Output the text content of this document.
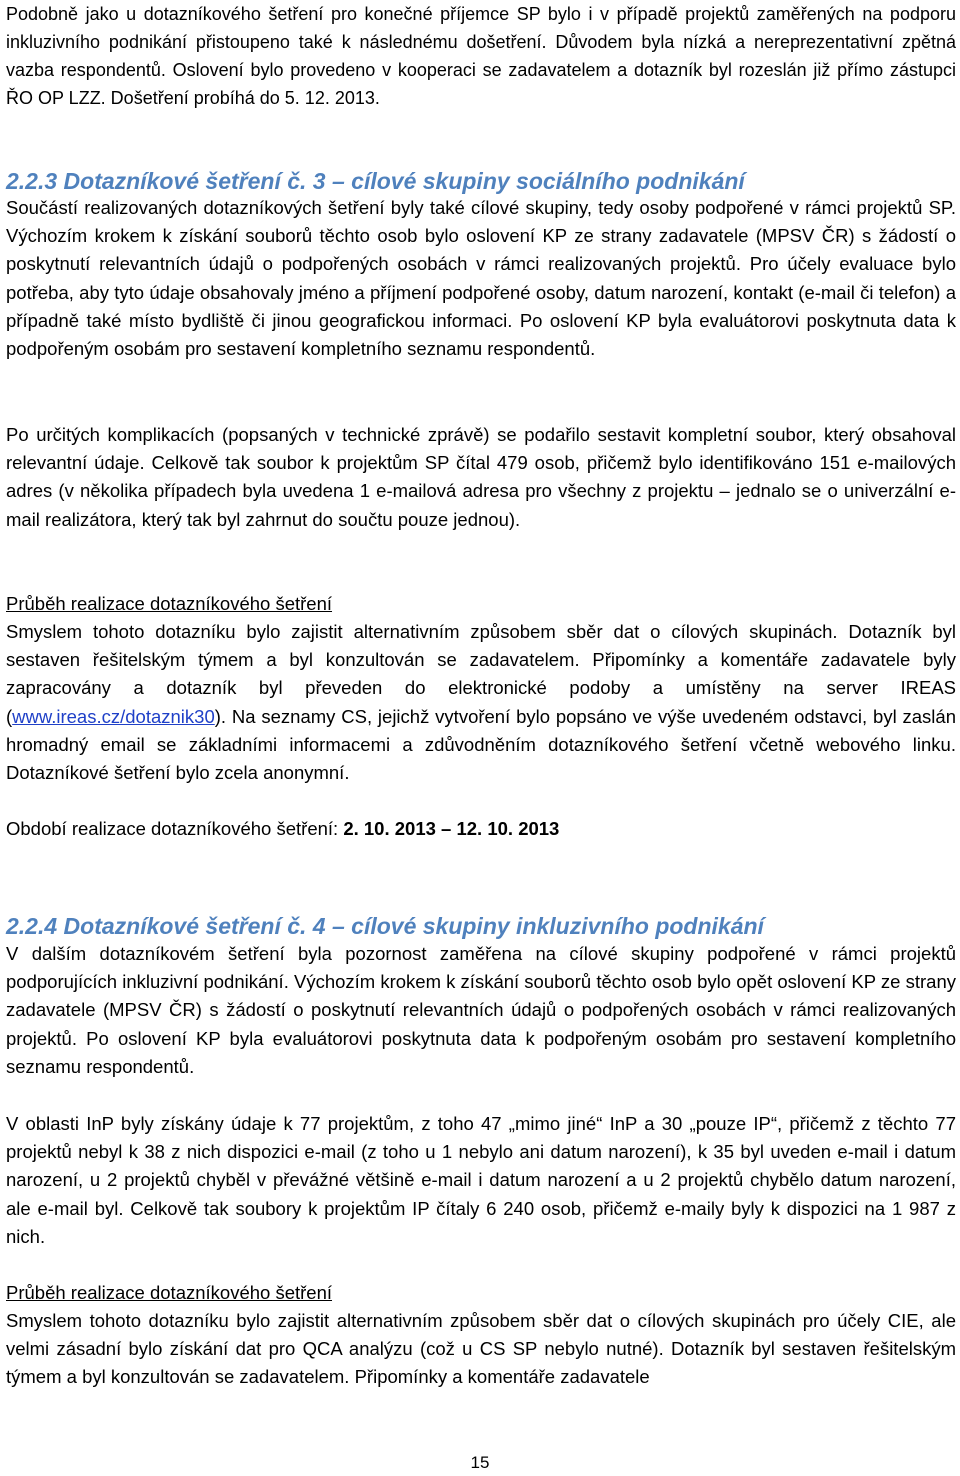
Podobně jako u dotazníkového šetření pro konečné příjemce SP bylo i v případě projektů zaměřených na podporu inkluzivního podnikání přistoupeno také k následnému došetření. Důvodem byla nízká a nereprezentativní zpětná vazba respondentů. Oslovení bylo provedeno v kooperaci se zadavatelem a dotazník byl rozeslán již přímo zástupci ŘO OP LZZ. Došetření probíhá do 5. 12. 2013.

2.2.3 Dotazníkové šetření č. 3 – cílové skupiny sociálního podnikání

Součástí realizovaných dotazníkových šetření byly také cílové skupiny, tedy osoby podpořené v rámci projektů SP. Výchozím krokem k získání souborů těchto osob bylo oslovení KP ze strany zadavatele (MPSV ČR) s žádostí o poskytnutí relevantních údajů o podpořených osobách v rámci realizovaných projektů. Pro účely evaluace bylo potřeba, aby tyto údaje obsahovaly jméno a příjmení podpořené osoby, datum narození, kontakt (e-mail či telefon) a případně také místo bydliště či jinou geografickou informaci. Po oslovení KP byla evaluátorovi poskytnuta data k podpořeným osobám pro sestavení kompletního seznamu respondentů.

Po určitých komplikacích (popsaných v technické zprávě) se podařilo sestavit kompletní soubor, který obsahoval relevantní údaje. Celkově tak soubor k projektům SP čítal 479 osob, přičemž bylo identifikováno 151 e-mailových adres (v několika případech byla uvedena 1 e-mailová adresa pro všechny z projektu – jednalo se o univerzální e-mail realizátora, který tak byl zahrnut do součtu pouze jednou).

Průběh realizace dotazníkového šetření

Smyslem tohoto dotazníku bylo zajistit alternativním způsobem sběr dat o cílových skupinách. Dotazník byl sestaven řešitelským týmem a byl konzultován se zadavatelem. Připomínky a komentáře zadavatele byly zapracovány a dotazník byl převeden do elektronické podoby a umístěny na server IREAS (www.ireas.cz/dotaznik30). Na seznamy CS, jejichž vytvoření bylo popsáno ve výše uvedeném odstavci, byl zaslán hromadný email se základními informacemi a zdůvodněním dotazníkového šetření včetně webového linku. Dotazníkové šetření bylo zcela anonymní.

Období realizace dotazníkového šetření: 2. 10. 2013 – 12. 10. 2013

2.2.4 Dotazníkové šetření č. 4 – cílové skupiny inkluzivního podnikání

V dalším dotazníkovém šetření byla pozornost zaměřena na cílové skupiny podpořené v rámci projektů podporujících inkluzivní podnikání. Výchozím krokem k získání souborů těchto osob bylo opět oslovení KP ze strany zadavatele (MPSV ČR) s žádostí o poskytnutí relevantních údajů o podpořených osobách v rámci realizovaných projektů. Po oslovení KP byla evaluátorovi poskytnuta data k podpořeným osobám pro sestavení kompletního seznamu respondentů.

V oblasti InP byly získány údaje k 77 projektům, z toho 47 „mimo jiné“ InP a 30 „pouze IP“, přičemž z těchto 77 projektů nebyl k 38 z nich dispozici e-mail (z toho u 1 nebylo ani datum narození), k 35 byl uveden e-mail i datum narození, u 2 projektů chyběl v převážné většině e-mail i datum narození a u 2 projektů chybělo datum narození, ale e-mail byl. Celkově tak soubory k projektům IP čítaly 6 240 osob, přičemž e-maily byly k dispozici na 1 987 z nich.

Průběh realizace dotazníkového šetření

Smyslem tohoto dotazníku bylo zajistit alternativním způsobem sběr dat o cílových skupinách pro účely CIE, ale velmi zásadní bylo získání dat pro QCA analýzu (což u CS SP nebylo nutné). Dotazník byl sestaven řešitelským týmem a byl konzultován se zadavatelem. Připomínky a komentáře zadavatele

15
